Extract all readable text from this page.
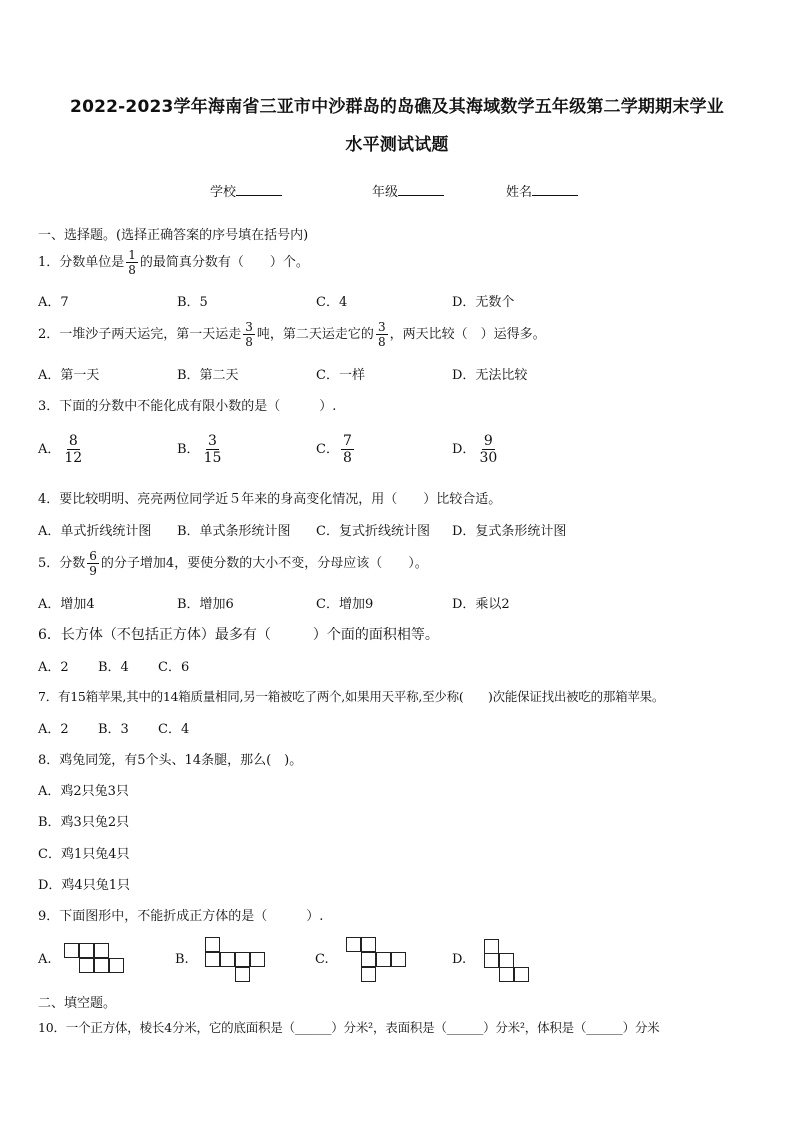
2022-2023学年海南省三亚市中沙群岛的岛礁及其海域数学五年级第二学期期末学业
水平测试试题
学校	年级	姓名
一、选择题。(选择正确答案的序号填在括号内)
1．分数单位是 $\frac{1}{8}$ 的最简真分数有（　　）个。
A．7	B．5	C．4	D．无数个
2．一堆沙子两天运完，第一天运走 $\frac{3}{8}$ 吨，第二天运走它的 $\frac{3}{8}$ ，两天比较（　）运得多。
A．第一天	B．第二天	C．一样	D．无法比较
3．下面的分数中不能化成有限小数的是（　　　）.
A． $\frac{8}{12}$	B． $\frac{3}{15}$	C． $\frac{7}{8}$	D． $\frac{9}{30}$
4．要比较明明、亮亮两位同学近５年来的身高变化情况，用（　　）比较合适。
A．单式折线统计图 B．单式条形统计图 C．复式折线统计图 D．复式条形统计图
5．分数 $\frac{6}{9}$ 的分子增加4，要使分数的大小不变，分母应该（　　）。
A．增加4	B．增加6	C．增加9	D．乘以2
6．长方体（不包括正方体）最多有（　　　）个面的面积相等。
A．2 B．4 C．6
7．有15箱苹果,其中的14箱质量相同,另一箱被吃了两个,如果用天平称,至少称(　　)次能保证找出被吃的那箱苹果。
A．2 B．3 C．4
8．鸡兔同笼，有5个头、14条腿，那么(　)。
A．鸡2只兔3只
B．鸡3只兔2只
C．鸡1只兔4只
D．鸡4只兔1只
9．下面图形中，不能折成正方体的是（　　　）.
A.	B.	C.	D.
二、填空题。
10．一个正方体，棱长4分米，它的底面积是（______）分米²，表面积是（______）分米²，体积是（______）分米
